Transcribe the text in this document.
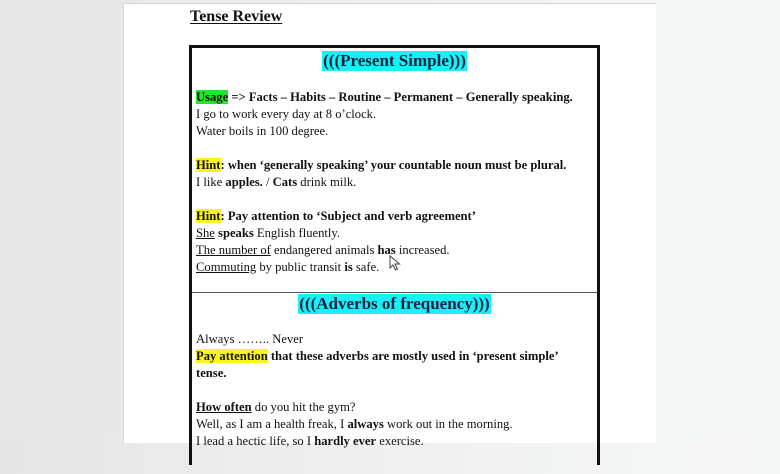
Tense Review
(((Present Simple)))
Usage => Facts – Habits – Routine – Permanent – Generally speaking.
I go to work every day at 8 o’clock.
Water boils in 100 degree.
Hint: when ‘generally speaking’ your countable noun must be plural.
I like apples. / Cats drink milk.
Hint: Pay attention to ‘Subject and verb agreement’
She speaks English fluently.
The number of endangered animals has increased.
Commuting by public transit is safe.
(((Adverbs of frequency)))
Always …….. Never
Pay attention that these adverbs are mostly used in ‘present simple’
tense.
How often do you hit the gym?
Well, as I am a health freak, I always work out in the morning.
I lead a hectic life, so I hardly ever exercise.
